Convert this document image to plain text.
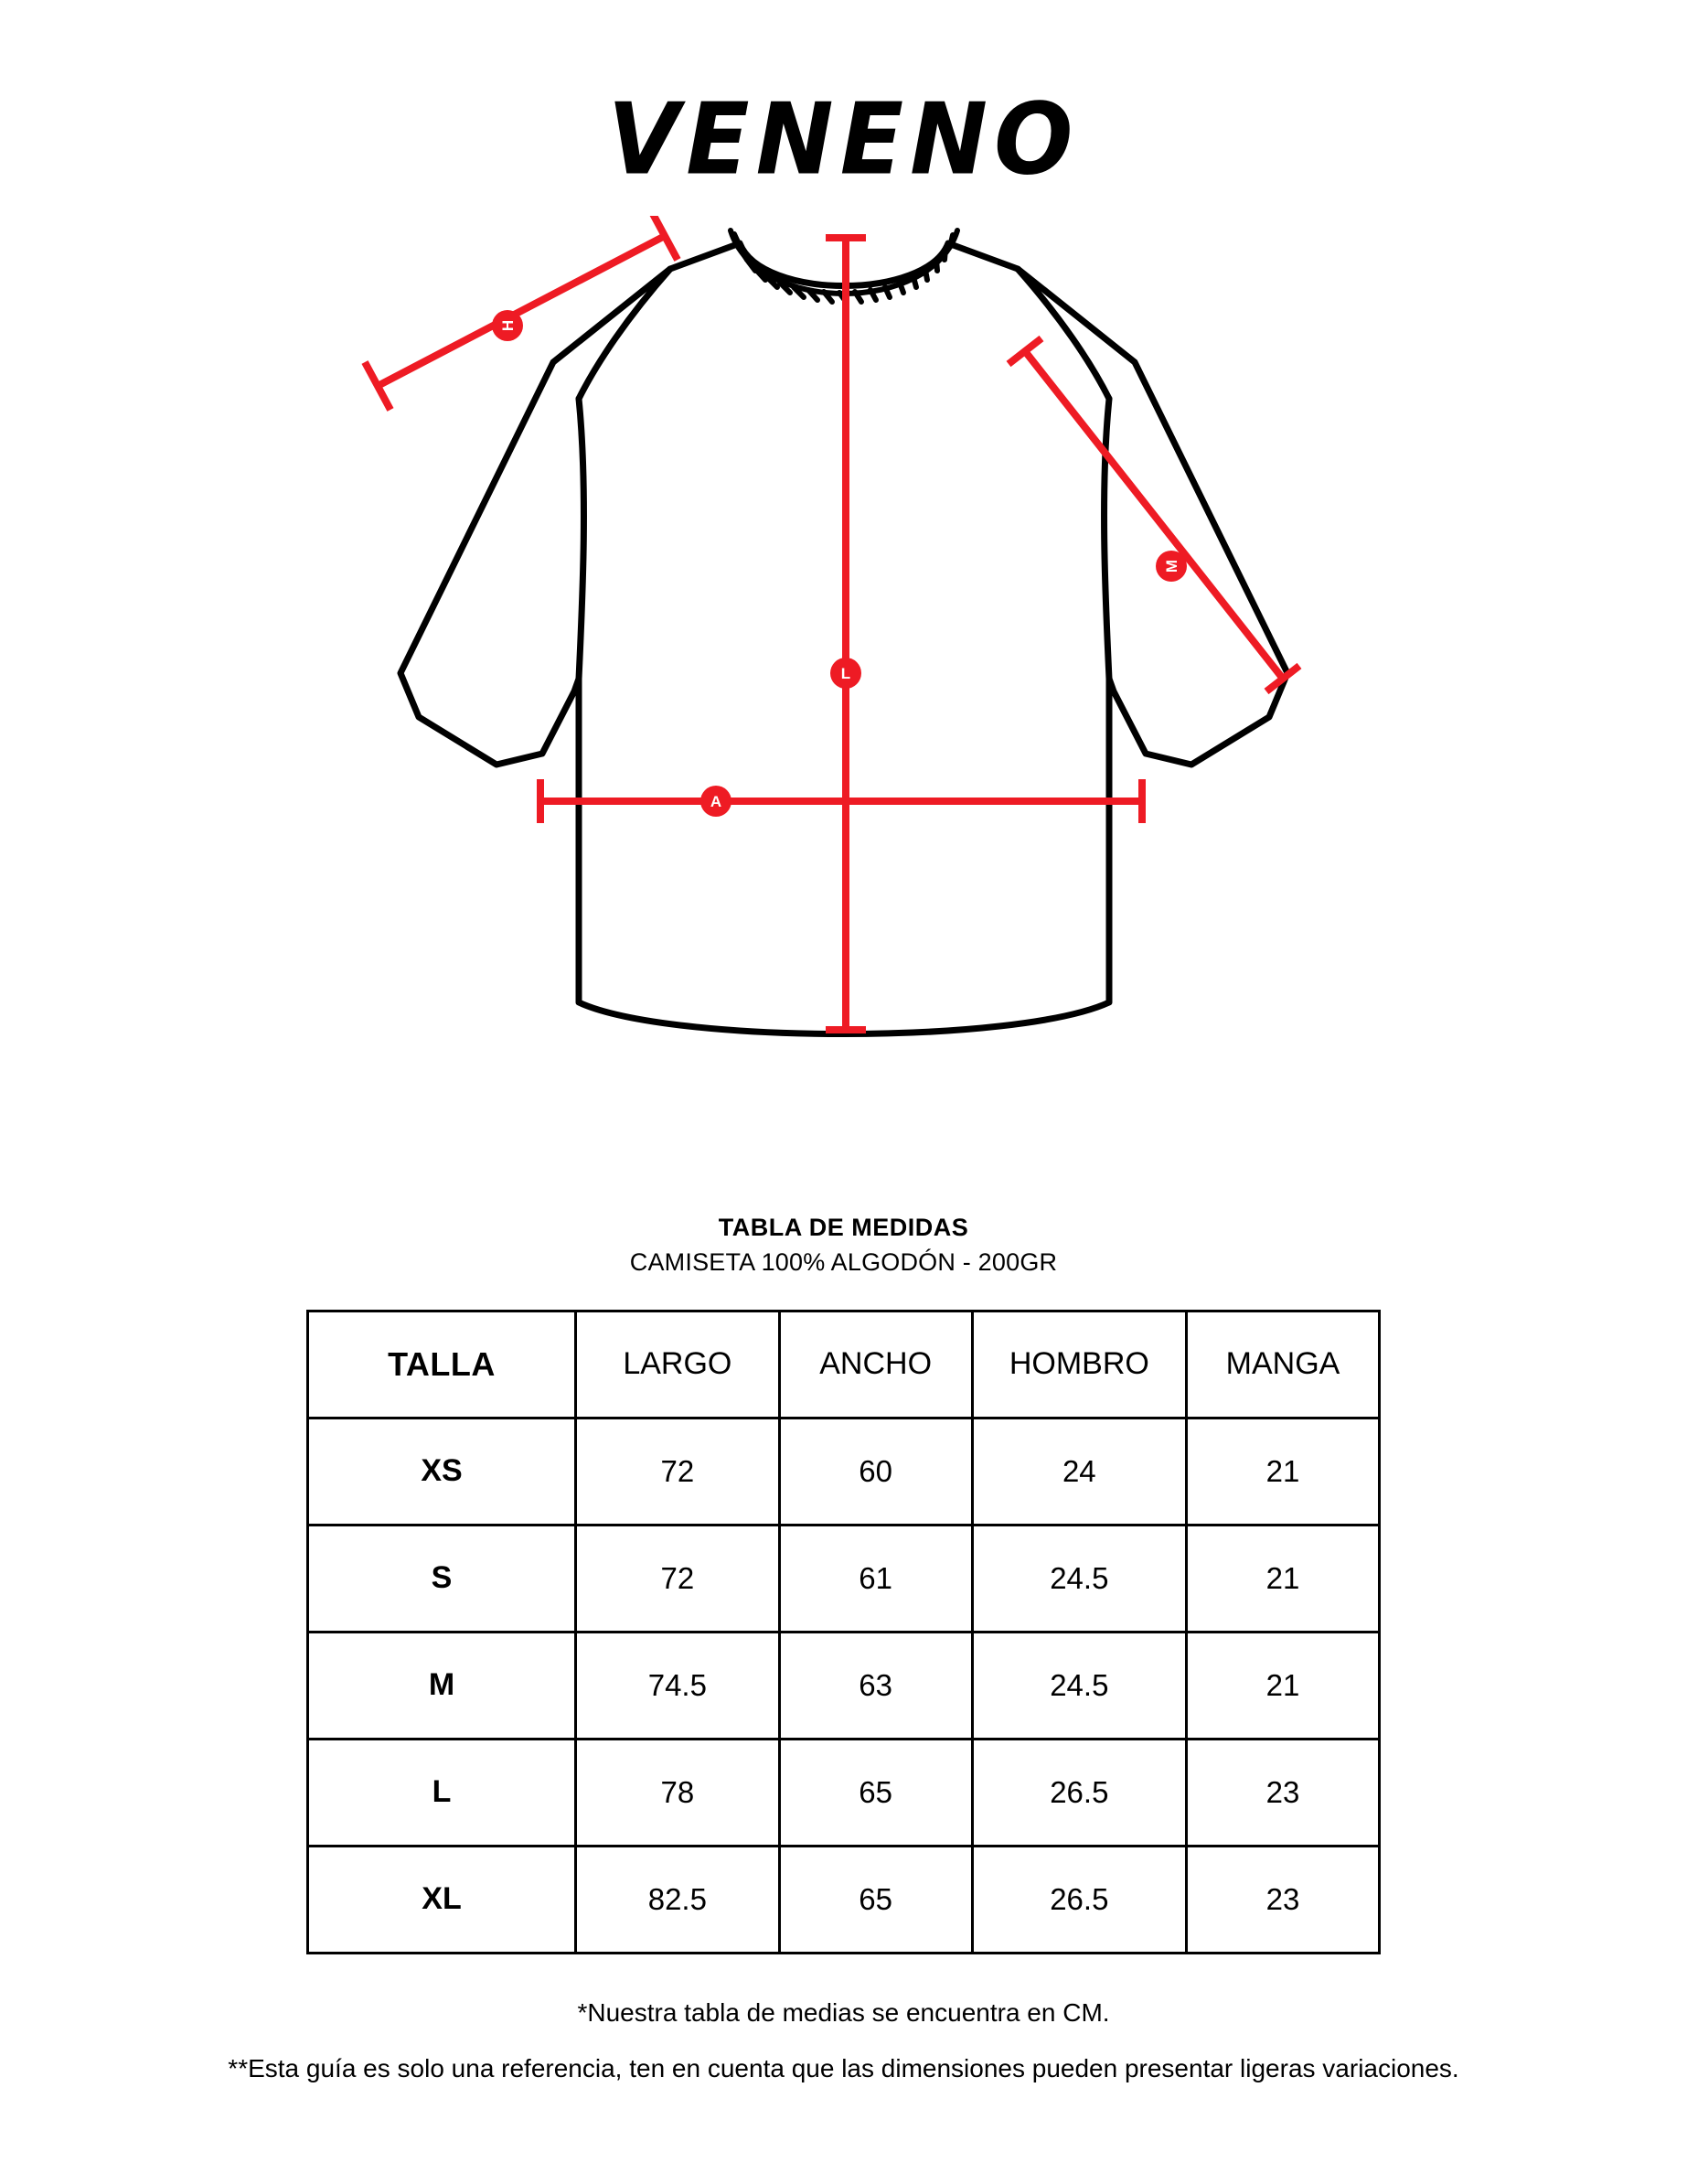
VENENO
H
M
L
A
TABLA DE MEDIDAS
CAMISETA 100% ALGODÓN - 200GR
TALLA	LARGO	ANCHO	HOMBRO	MANGA
XS	72	60	24	21
S	72	61	24.5	21
M	74.5	63	24.5	21
L	78	65	26.5	23
XL	82.5	65	26.5	23
*Nuestra tabla de medias se encuentra en CM.
**Esta guía es solo una referencia, ten en cuenta que las dimensiones pueden presentar ligeras variaciones.
